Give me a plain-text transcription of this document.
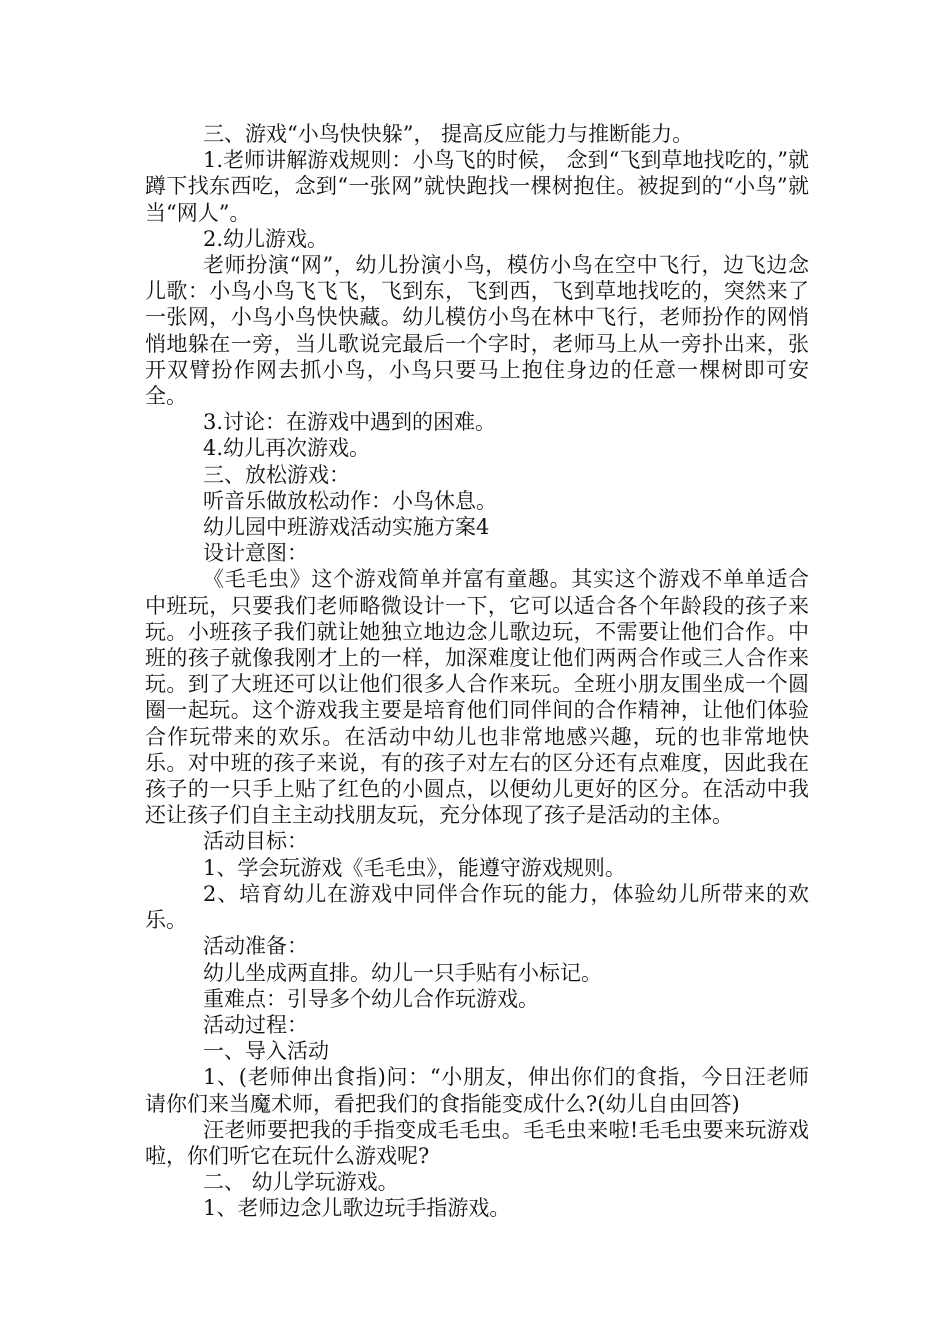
三、游戏“小鸟快快躲”， 提高反应能力与推断能力。

1.老师讲解游戏规则：小鸟飞的时候， 念到“飞到草地找吃的，”就蹲下找东西吃，念到“一张网”就快跑找一棵树抱住。被捉到的“小鸟”就当“网人”。

2.幼儿游戏。

老师扮演“网”，幼儿扮演小鸟，模仿小鸟在空中飞行，边飞边念儿歌：小鸟小鸟飞飞飞，飞到东，飞到西，飞到草地找吃的，突然来了一张网，小鸟小鸟快快藏。幼儿模仿小鸟在林中飞行，老师扮作的网悄悄地躲在一旁，当儿歌说完最后一个字时，老师马上从一旁扑出来，张开双臂扮作网去抓小鸟，小鸟只要马上抱住身边的任意一棵树即可安全。

3.讨论：在游戏中遇到的困难。

4.幼儿再次游戏。

三、放松游戏：

听音乐做放松动作：小鸟休息。

幼儿园中班游戏活动实施方案4

设计意图：

《毛毛虫》这个游戏简单并富有童趣。其实这个游戏不单单适合中班玩，只要我们老师略微设计一下，它可以适合各个年龄段的孩子来玩。小班孩子我们就让她独立地边念儿歌边玩，不需要让他们合作。中班的孩子就像我刚才上的一样，加深难度让他们两两合作或三人合作来玩。到了大班还可以让他们很多人合作来玩。全班小朋友围坐成一个圆圈一起玩。这个游戏我主要是培育他们同伴间的合作精神，让他们体验合作玩带来的欢乐。在活动中幼儿也非常地感兴趣，玩的也非常地快乐。对中班的孩子来说，有的孩子对左右的区分还有点难度，因此我在孩子的一只手上贴了红色的小圆点，以便幼儿更好的区分。在活动中我还让孩子们自主主动找朋友玩，充分体现了孩子是活动的主体。

活动目标：

1、学会玩游戏《毛毛虫》，能遵守游戏规则。

2、培育幼儿在游戏中同伴合作玩的能力，体验幼儿所带来的欢乐。

活动准备：

幼儿坐成两直排。幼儿一只手贴有小标记。

重难点：引导多个幼儿合作玩游戏。

活动过程：

一、导入活动

1、(老师伸出食指)问：“小朋友，伸出你们的食指，今日汪老师请你们来当魔术师，看把我们的食指能变成什么?(幼儿自由回答)

汪老师要把我的手指变成毛毛虫。毛毛虫来啦!毛毛虫要来玩游戏啦，你们听它在玩什么游戏呢?

二、 幼儿学玩游戏。

1、老师边念儿歌边玩手指游戏。
